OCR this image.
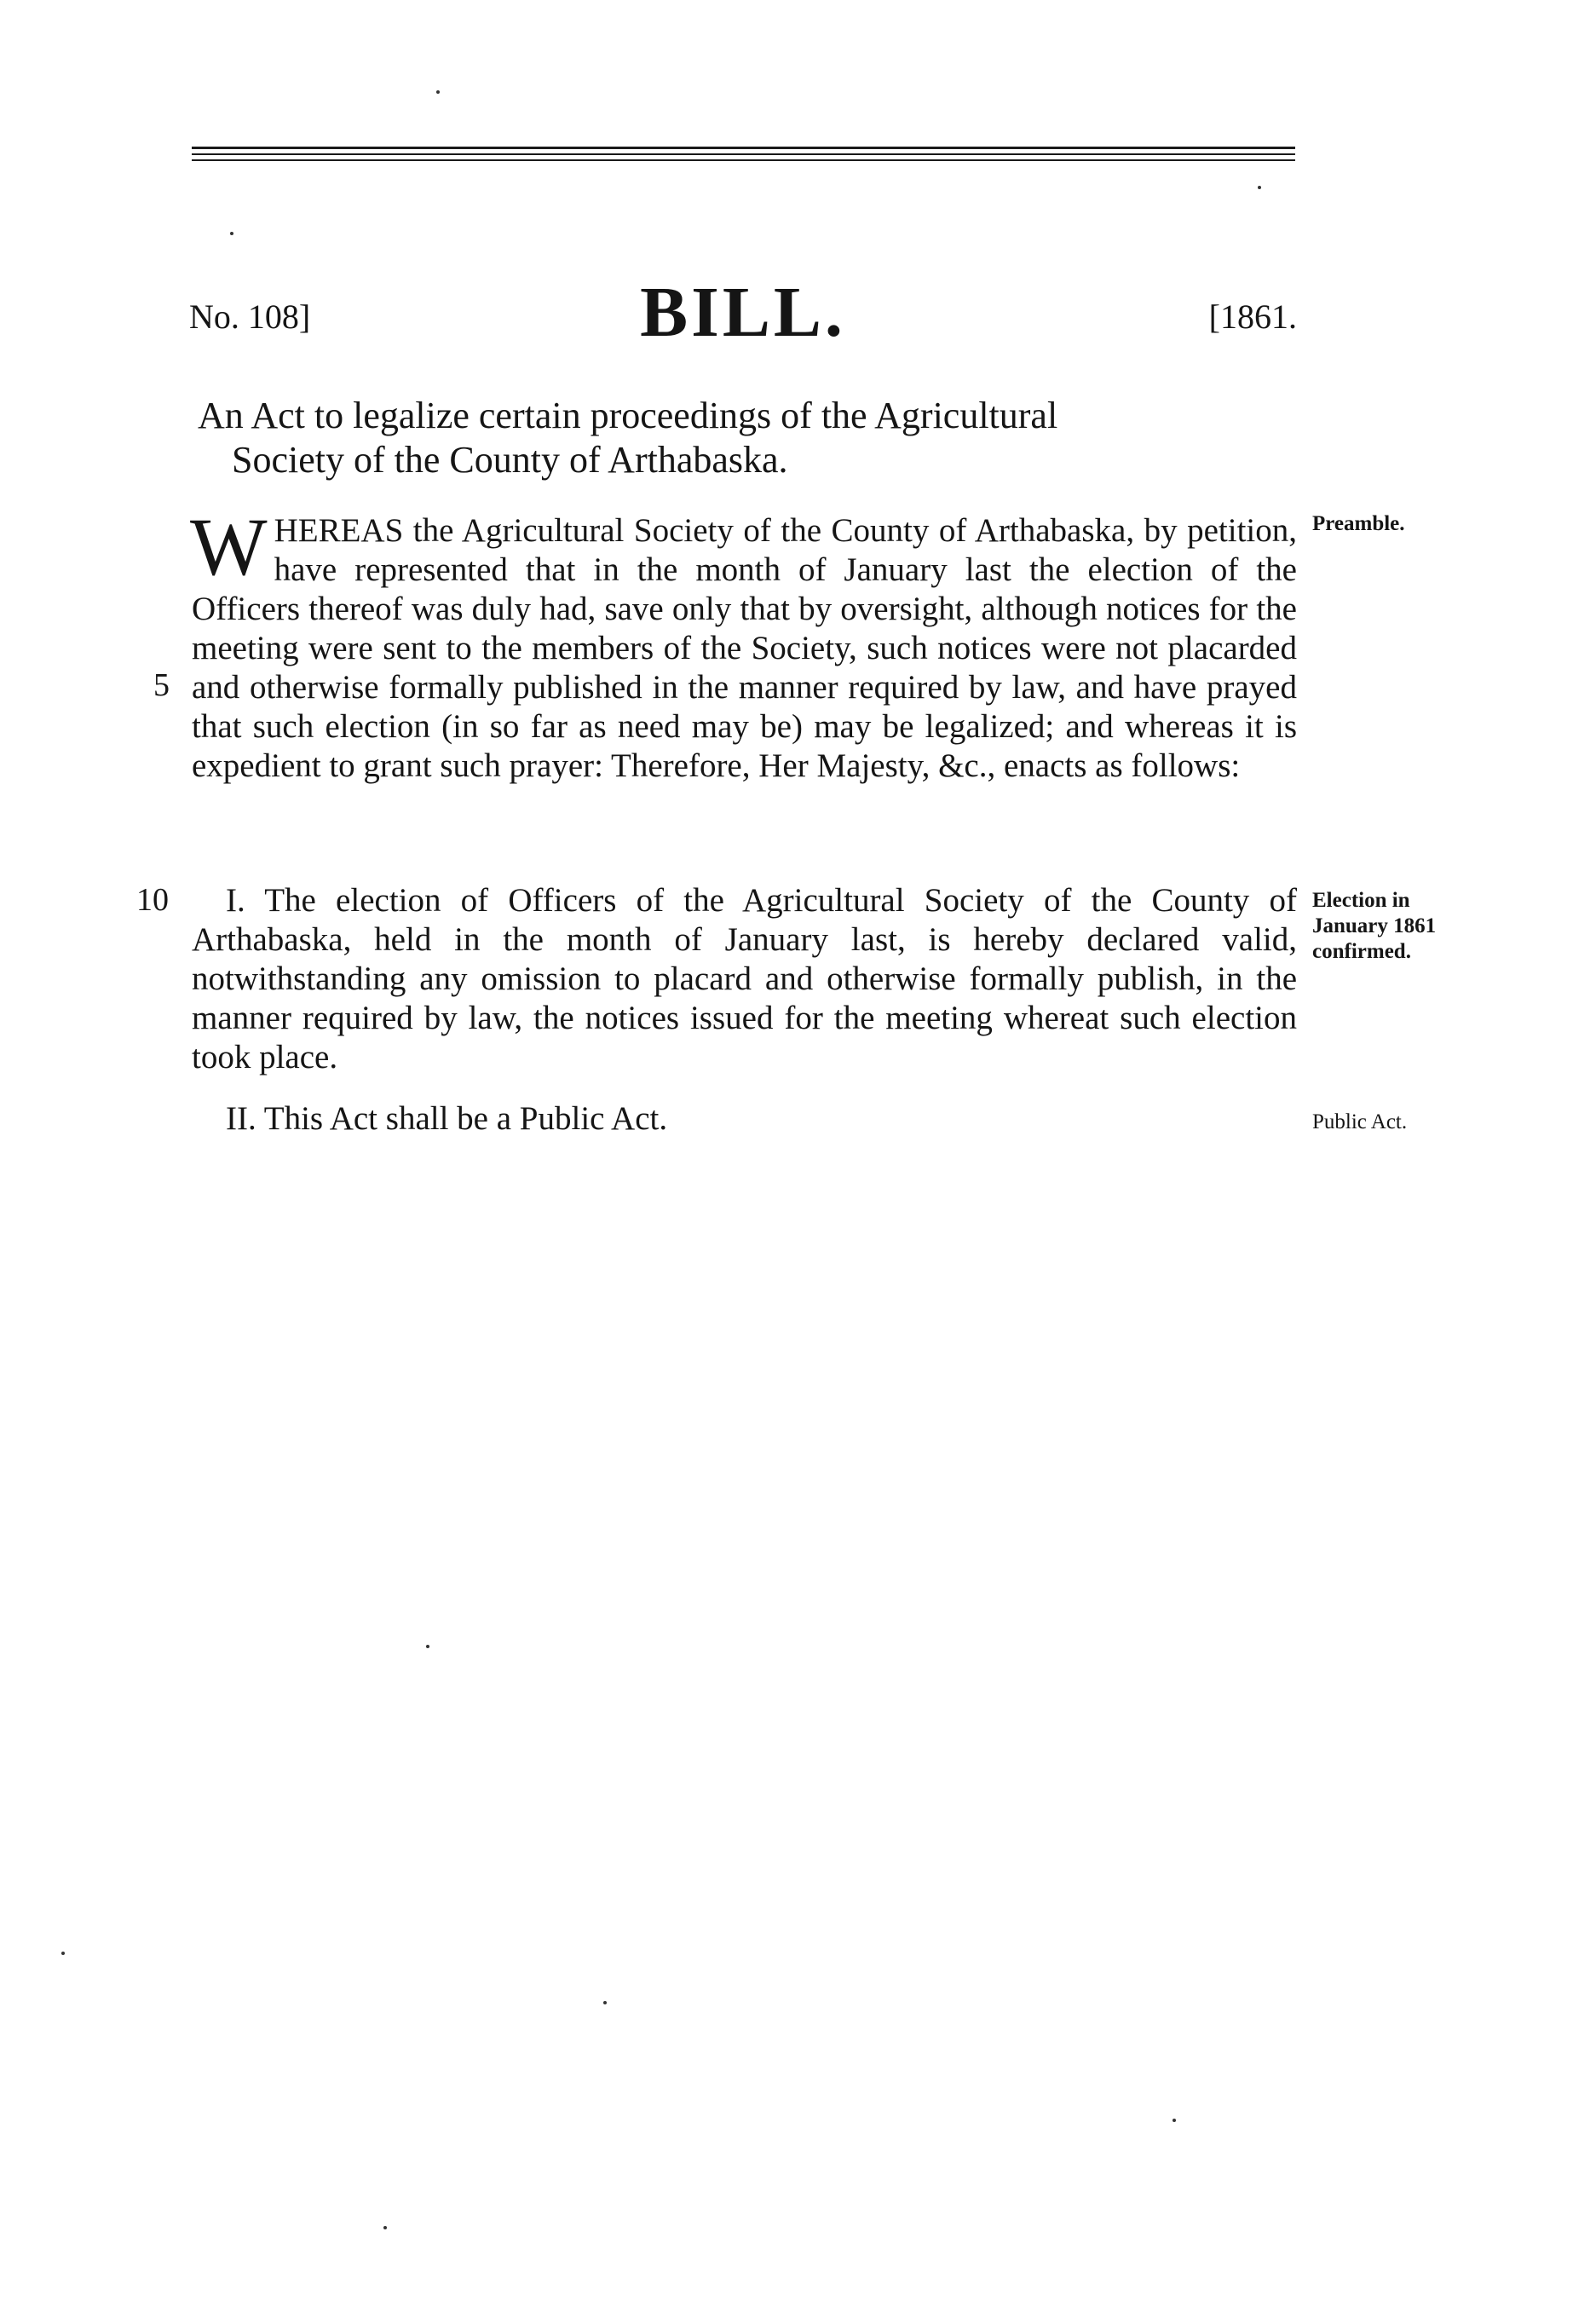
No. 108]	BILL.	[1861.
An Act to legalize certain proceedings of the Agricultural
Society of the County of Arthabaska.
WHEREAS the Agricultural Society of the County of Arthabaska, by petition, have represented that in the month of January last the election of the Officers thereof was duly had, save only that by oversight, although notices for the meeting were sent to the members of the Society, such notices were not placarded and otherwise formally published in the manner required by law, and have prayed that such election (in so far as need may be) may be legalized; and whereas it is expedient to grant such prayer: Therefore, Her Majesty, &c., enacts as follows:
5
I. The election of Officers of the Agricultural Society of the County of Arthabaska, held in the month of January last, is hereby declared valid, notwithstanding any omission to placard and otherwise formally publish, in the manner required by law, the notices issued for the meeting whereat such election took place.
10
II. This Act shall be a Public Act.
Preamble.
Election in January 1861 confirmed.
Public Act.
